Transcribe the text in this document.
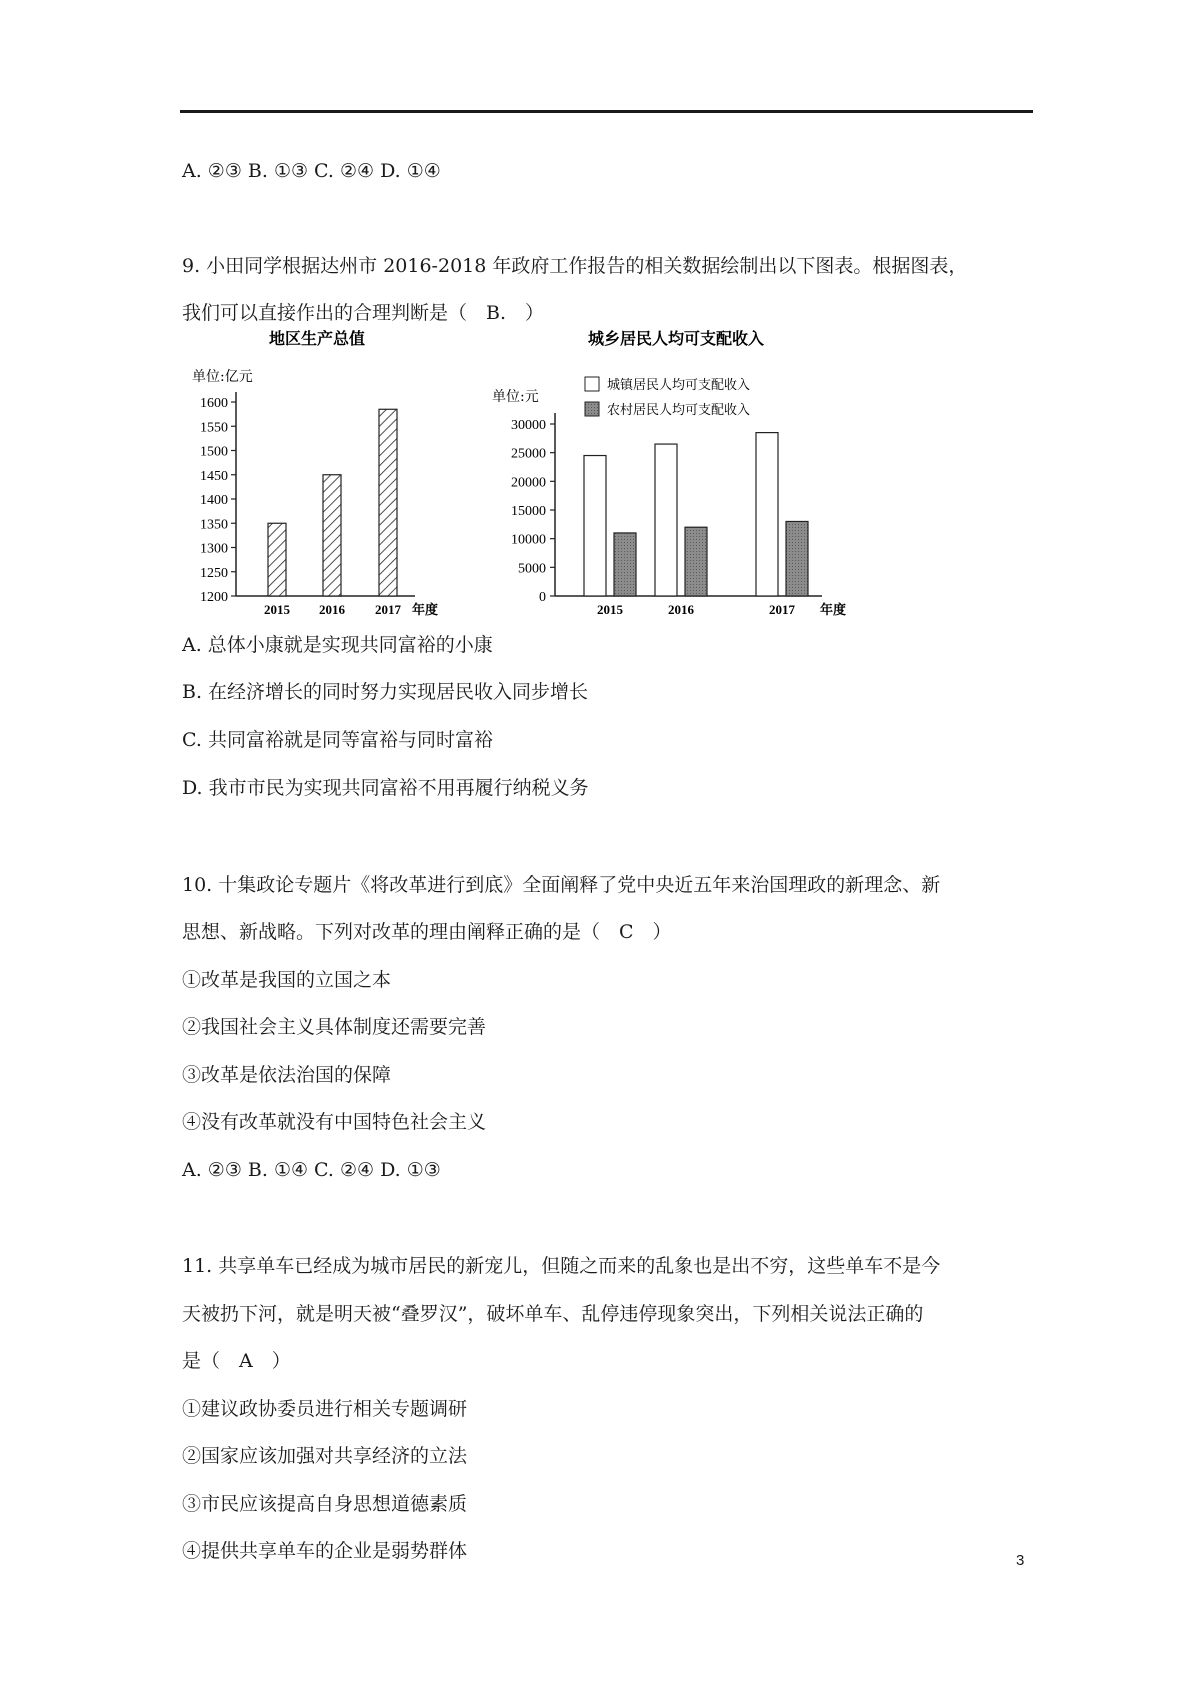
A. ②③ B. ①③ C. ②④ D. ①④
9. 小田同学根据达州市 2016-2018 年政府工作报告的相关数据绘制出以下图表。根据图表，
我们可以直接作出的合理判断是（　B.　）
地区生产总值
单位:亿元
1200
1250
1300
1350
1400
1450
1500
1550
1600
2015 2016 2017 年度
城乡居民人均可支配收入
单位:元
城镇居民人均可支配收入
农村居民人均可支配收入
0
5000
10000
15000
20000
25000
30000
2015	2016	2017 年度
A. 总体小康就是实现共同富裕的小康
B. 在经济增长的同时努力实现居民收入同步增长
C. 共同富裕就是同等富裕与同时富裕
D. 我市市民为实现共同富裕不用再履行纳税义务
10. 十集政论专题片《将改革进行到底》全面阐释了党中央近五年来治国理政的新理念、新
思想、新战略。下列对改革的理由阐释正确的是（　C　）
①改革是我国的立国之本
②我国社会主义具体制度还需要完善
③改革是依法治国的保障
④没有改革就没有中国特色社会主义
A. ②③ B. ①④ C. ②④ D. ①③
11. 共享单车已经成为城市居民的新宠儿，但随之而来的乱象也是出不穷，这些单车不是今
天被扔下河，就是明天被“叠罗汉”，破坏单车、乱停违停现象突出，下列相关说法正确的
是（　A　）
①建议政协委员进行相关专题调研
②国家应该加强对共享经济的立法
③市民应该提高自身思想道德素质
④提供共享单车的企业是弱势群体	3
